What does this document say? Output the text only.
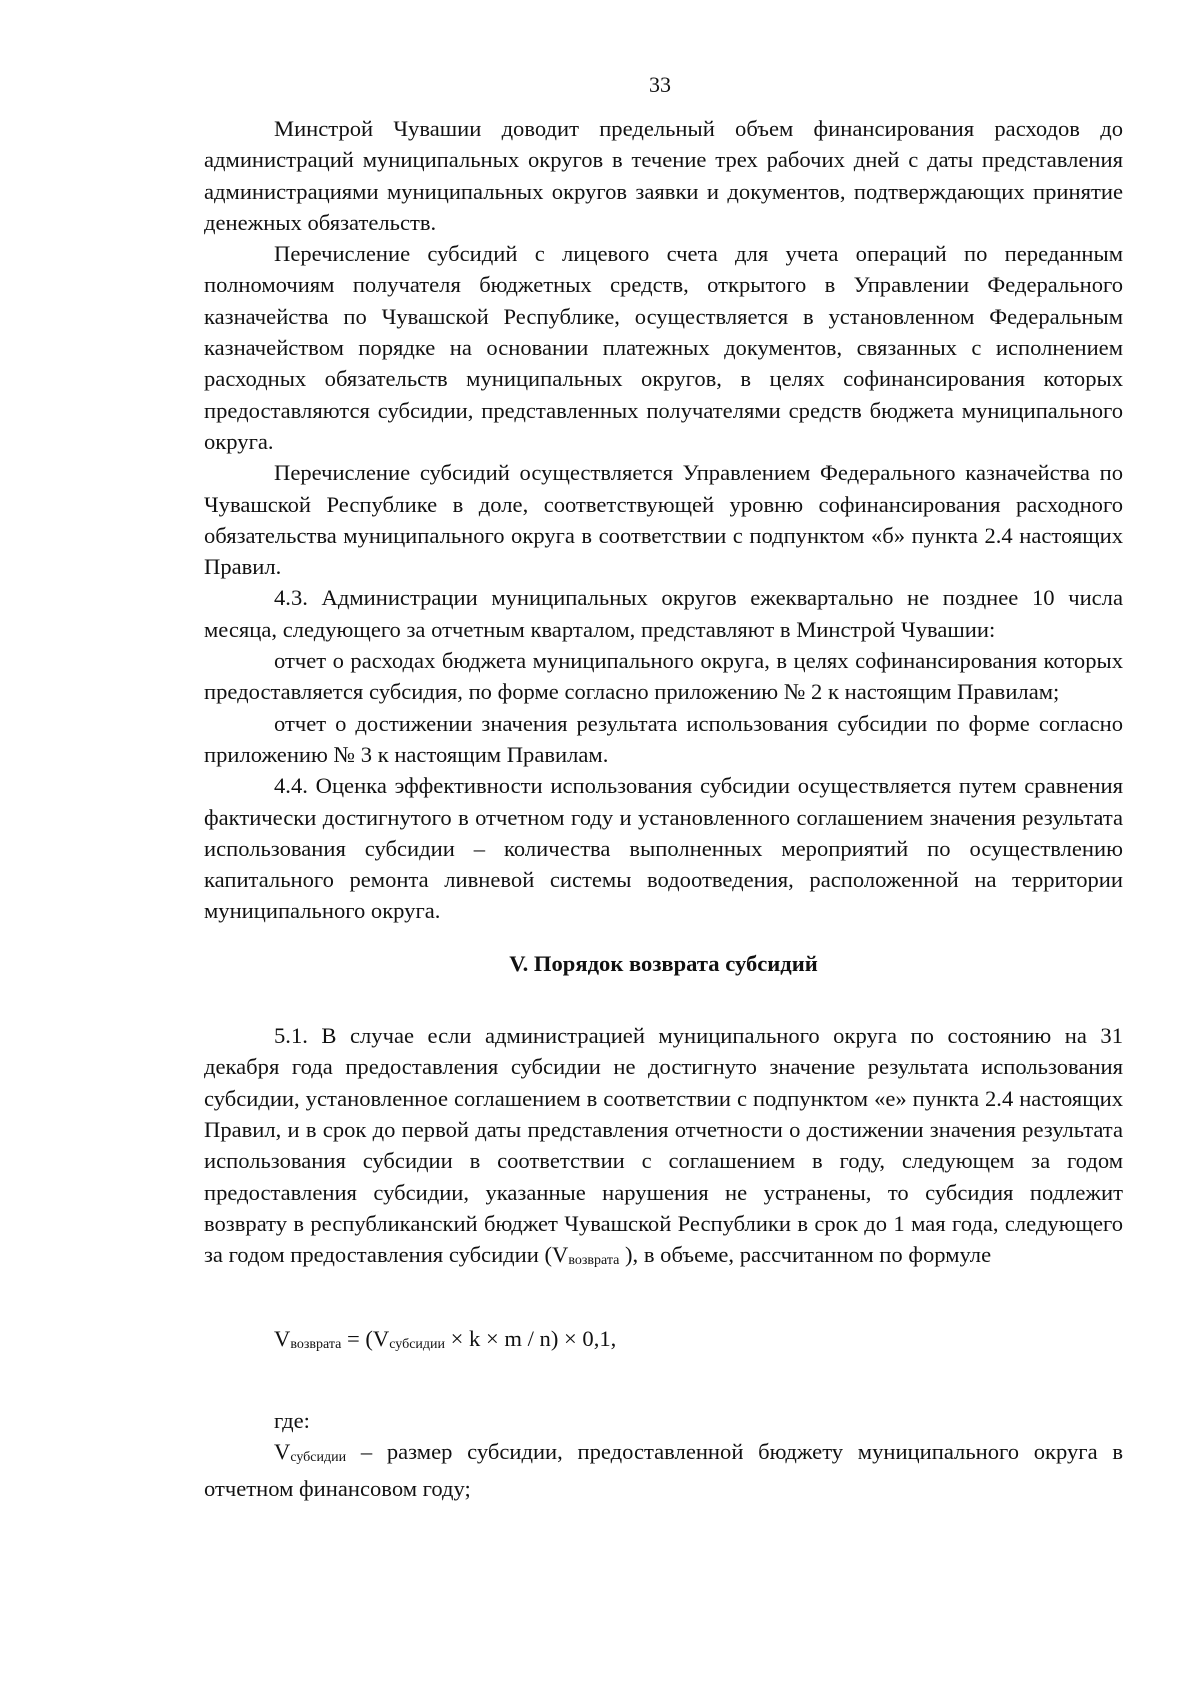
33

Минстрой Чувашии доводит предельный объем финансирования расходов до администраций муниципальных округов в течение трех рабочих дней с даты представления администрациями муниципальных округов заявки и документов, подтверждающих принятие денежных обязательств.

Перечисление субсидий с лицевого счета для учета операций по переданным полномочиям получателя бюджетных средств, открытого в Управлении Федерального казначейства по Чувашской Республике, осуществляется в установленном Федеральным казначейством порядке на основании платежных документов, связанных с исполнением расходных обязательств муниципальных округов, в целях софинансирования которых предоставляются субсидии, представленных получателями средств бюджета муниципального округа.

Перечисление субсидий осуществляется Управлением Федерального казначейства по Чувашской Республике в доле, соответствующей уровню софинансирования расходного обязательства муниципального округа в соответствии с подпунктом «б» пункта 2.4 настоящих Правил.

4.3. Администрации муниципальных округов ежеквартально не позднее 10 числа месяца, следующего за отчетным кварталом, представляют в Минстрой Чувашии:

отчет о расходах бюджета муниципального округа, в целях софинансирования которых предоставляется субсидия, по форме согласно приложению № 2 к настоящим Правилам;

отчет о достижении значения результата использования субсидии по форме согласно приложению № 3 к настоящим Правилам.

4.4. Оценка эффективности использования субсидии осуществляется путем сравнения фактически достигнутого в отчетном году и установленного соглашением значения результата использования субсидии – количества выполненных мероприятий по осуществлению капитального ремонта ливневой системы водоотведения, расположенной на территории муниципального округа.

V. Порядок возврата субсидий

5.1. В случае если администрацией муниципального округа по состоянию на 31 декабря года предоставления субсидии не достигнуто значение результата использования субсидии, установленное соглашением в соответствии с подпунктом «е» пункта 2.4 настоящих Правил, и в срок до первой даты представления отчетности о достижении значения результата использования субсидии в соответствии с соглашением в году, следующем за годом предоставления субсидии, указанные нарушения не устранены, то субсидия подлежит возврату в республиканский бюджет Чувашской Республики в срок до 1 мая года, следующего за годом предоставления субсидии (Vвозврата ), в объеме, рассчитанном по формуле

Vвозврата = (Vсубсидии × k × m / n) × 0,1,

где:

Vсубсидии – размер субсидии, предоставленной бюджету муниципального округа в отчетном финансовом году;
